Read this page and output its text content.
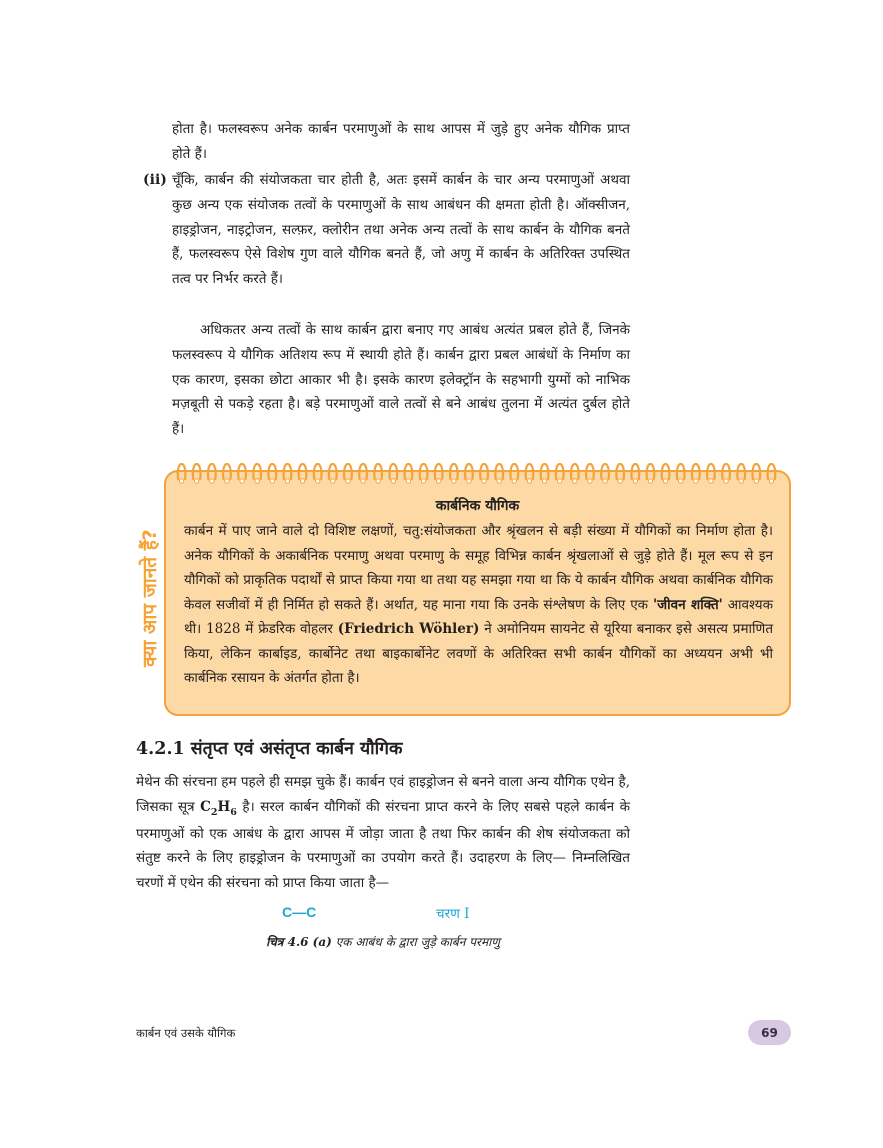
होता है। फलस्वरूप अनेक कार्बन परमाणुओं के साथ आपस में जुड़े हुए अनेक यौगिक प्राप्त होते हैं।

(ii) चूँकि, कार्बन की संयोजकता चार होती है, अतः इसमें कार्बन के चार अन्य परमाणुओं अथवा कुछ अन्य एक संयोजक तत्वों के परमाणुओं के साथ आबंधन की क्षमता होती है। ऑक्सीजन, हाइड्रोजन, नाइट्रोजन, सल्फ़र, क्लोरीन तथा अनेक अन्य तत्वों के साथ कार्बन के यौगिक बनते हैं, फलस्वरूप ऐसे विशेष गुण वाले यौगिक बनते हैं, जो अणु में कार्बन के अतिरिक्त उपस्थित तत्व पर निर्भर करते हैं।

अधिकतर अन्य तत्वों के साथ कार्बन द्वारा बनाए गए आबंध अत्यंत प्रबल होते हैं, जिनके फलस्वरूप ये यौगिक अतिशय रूप में स्थायी होते हैं। कार्बन द्वारा प्रबल आबंधों के निर्माण का एक कारण, इसका छोटा आकार भी है। इसके कारण इलेक्ट्रॉन के सहभागी युग्मों को नाभिक मज़बूती से पकड़े रहता है। बड़े परमाणुओं वाले तत्वों से बने आबंध तुलना में अत्यंत दुर्बल होते हैं।

क्या आप जानते हैं?
कार्बनिक यौगिक

कार्बन में पाए जाने वाले दो विशिष्ट लक्षणों, चतु:संयोजकता और श्रृंखलन से बड़ी संख्या में यौगिकों का निर्माण होता है। अनेक यौगिकों के अकार्बनिक परमाणु अथवा परमाणु के समूह विभिन्न कार्बन श्रृंखलाओं से जुड़े होते हैं। मूल रूप से इन यौगिकों को प्राकृतिक पदार्थों से प्राप्त किया गया था तथा यह समझा गया था कि ये कार्बन यौगिक अथवा कार्बनिक यौगिक केवल सजीवों में ही निर्मित हो सकते हैं। अर्थात, यह माना गया कि उनके संश्लेषण के लिए एक 'जीवन शक्ति' आवश्यक थी। 1828 में फ्रेडरिक वोहलर (Friedrich Wöhler) ने अमोनियम सायनेट से यूरिया बनाकर इसे असत्य प्रमाणित किया, लेकिन कार्बाइड, कार्बोनेट तथा बाइकार्बोनेट लवणों के अतिरिक्त सभी कार्बन यौगिकों का अध्ययन अभी भी कार्बनिक रसायन के अंतर्गत होता है।

4.2.1 संतृप्त एवं असंतृप्त कार्बन यौगिक

मेथेन की संरचना हम पहले ही समझ चुके हैं। कार्बन एवं हाइड्रोजन से बनने वाला अन्य यौगिक एथेन है, जिसका सूत्र $C_2H_6$ है। सरल कार्बन यौगिकों की संरचना प्राप्त करने के लिए सबसे पहले कार्बन के परमाणुओं को एक आबंध के द्वारा आपस में जोड़ा जाता है तथा फिर कार्बन की शेष संयोजकता को संतुष्ट करने के लिए हाइड्रोजन के परमाणुओं का उपयोग करते हैं। उदाहरण के लिए— निम्नलिखित चरणों में एथेन की संरचना को प्राप्त किया जाता है—

C—C	चरण I
चित्र 4.6 (a) एक आबंध के द्वारा जुड़े कार्बन परमाणु
कार्बन एवं उसके यौगिक	69
